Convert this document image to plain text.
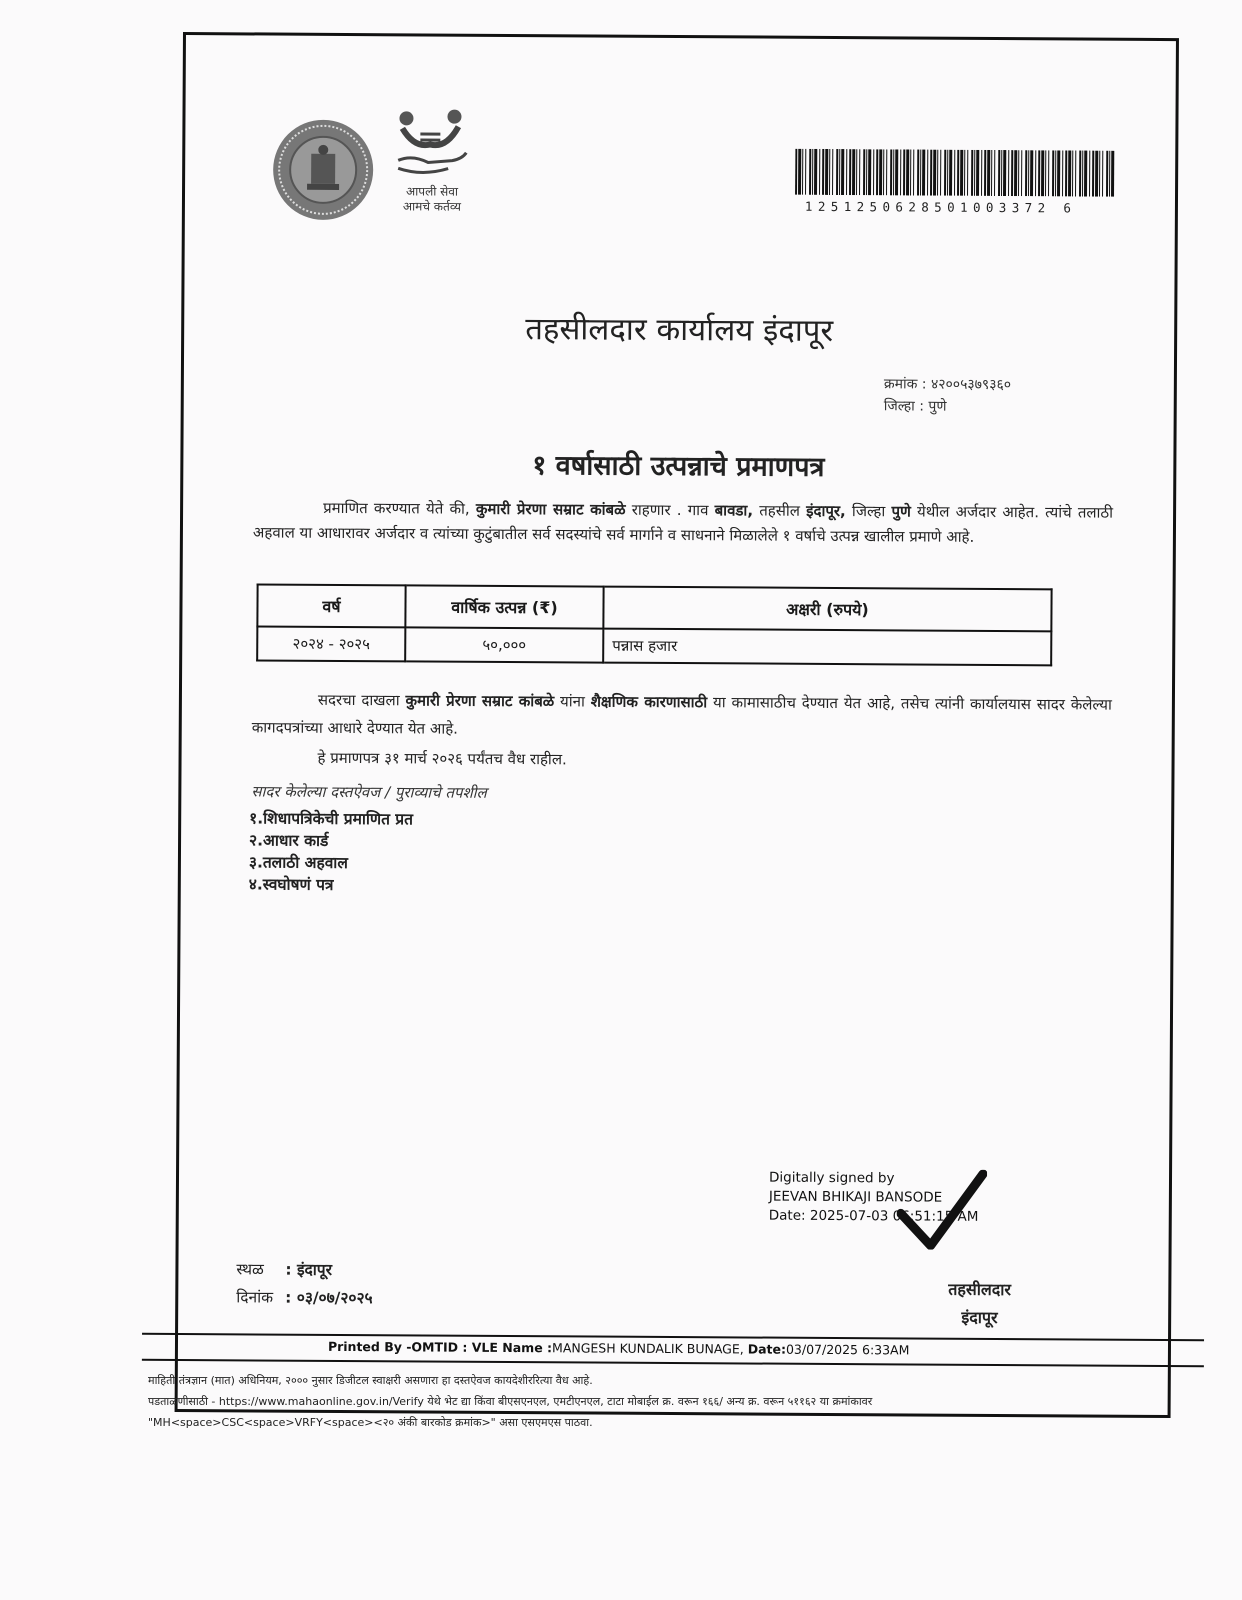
आपली सेवा
आमचे कर्तव्य	1251250628501003372 6
तहसीलदार कार्यालय इंदापूर
क्रमांक : ४२००५३७९३६०
जिल्हा : पुणे
१ वर्षासाठी उत्पन्नाचे प्रमाणपत्र
प्रमाणित करण्यात येते की, कुमारी प्रेरणा सम्राट कांबळे राहणार . गाव बावडा, तहसील इंदापूर, जिल्हा पुणे येथील अर्जदार आहेत. त्यांचे तलाठी अहवाल या आधारावर अर्जदार व त्यांच्या कुटुंबातील सर्व सदस्यांचे सर्व मार्गाने व साधनाने मिळालेले १ वर्षाचे उत्पन्न खालील प्रमाणे आहे.
वर्ष	वार्षिक उत्पन्न (₹)	अक्षरी (रुपये)
२०२४ - २०२५	५०,०००	पन्नास हजार
सदरचा दाखला कुमारी प्रेरणा सम्राट कांबळे यांना शैक्षणिक कारणासाठी या कामासाठीच देण्यात येत आहे, तसेच त्यांनी कार्यालयास सादर केलेल्या कागदपत्रांच्या आधारे देण्यात येत आहे.
हे प्रमाणपत्र ३१ मार्च २०२६ पर्यंतच वैध राहील.
सादर केलेल्या दस्तऐवज / पुराव्याचे तपशील
१.शिधापत्रिकेची प्रमाणित प्रत
२.आधार कार्ड
३.तलाठी अहवाल
४.स्वघोषणं पत्र
Digitally signed by
JEEVAN BHIKAJI BANSODE
Date: 2025-07-03 06:51:15 AM
स्थळ : इंदापूर
दिनांक : ०३/०७/२०२५	तहसीलदार
इंदापूर
Printed By -OMTID : VLE Name :MANGESH KUNDALIK BUNAGE, Date:03/07/2025 6:33AM
माहिती तंत्रज्ञान (मात) अधिनियम, २००० नुसार डिजीटल स्वाक्षरी असणारा हा दस्तऐवज कायदेशीररित्या वैध आहे.
पडताळणीसाठी - https://www.mahaonline.gov.in/Verify येथे भेट द्या किंवा बीएसएनएल, एमटीएनएल, टाटा मोबाईल क्र. वरून १६६/ अन्य क्र. वरून ५११६२ या क्रमांकावर
"MH<space>CSC<space>VRFY<space><२० अंकी बारकोड क्रमांक>" असा एसएमएस पाठवा.
